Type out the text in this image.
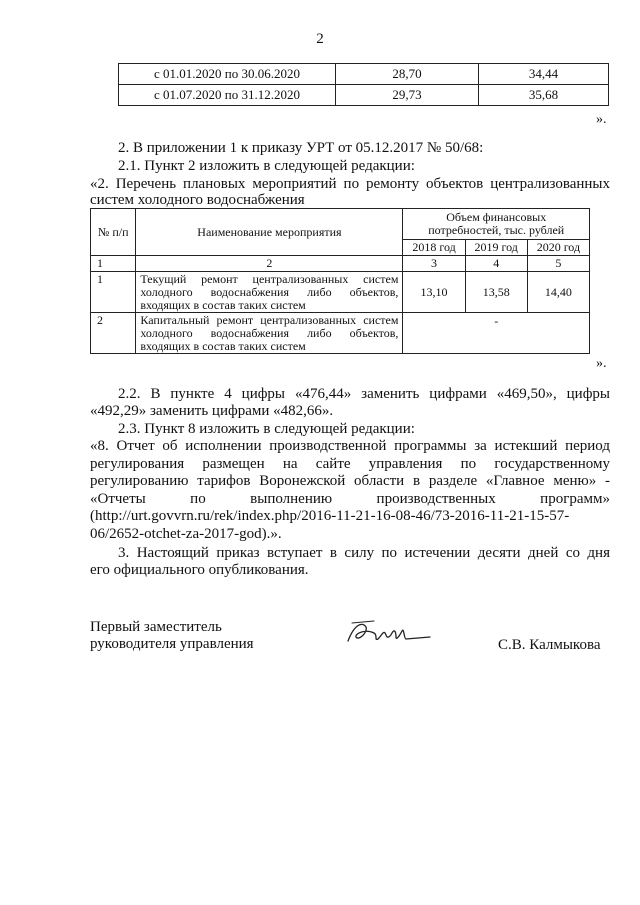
2
с 01.01.2020 по 30.06.2020	28,70	34,44
с 01.07.2020 по 31.12.2020	29,73	35,68
».
2. В приложении 1 к приказу УРТ от 05.12.2017 № 50/68:
2.1. Пункт 2 изложить в следующей редакции:
«2. Перечень плановых мероприятий по ремонту объектов централизованных
систем холодного водоснабжения
№ п/п	Наименование мероприятия	Объем финансовых потребностей, тыс. рублей		
		2018 год	2019 год	2020 год
1	2	3	4	5
1	Текущий ремонт централизованных систем холодного водоснабжения либо объектов, входящих в состав таких систем	13,10	13,58	14,40
2	Капитальный ремонт централизованных систем холодного водоснабжения либо объектов, входящих в состав таких систем	-		
».
2.2. В пункте 4 цифры «476,44» заменить цифрами «469,50», цифры
«492,29» заменить цифрами «482,66».
2.3. Пункт 8 изложить в следующей редакции:
«8. Отчет об исполнении производственной программы за истекший период
регулирования размещен на сайте управления по государственному
регулированию тарифов Воронежской области в разделе «Главное меню» -
«Отчеты по выполнению производственных программ»
(http://urt.govvrn.ru/rek/index.php/2016-11-21-16-08-46/73-2016-11-21-15-57-
06/2652-otchet-za-2017-god).».
3. Настоящий приказ вступает в силу по истечении десяти дней со дня
его официального опубликования.
Первый заместитель
руководителя управления	С.В. Калмыкова
